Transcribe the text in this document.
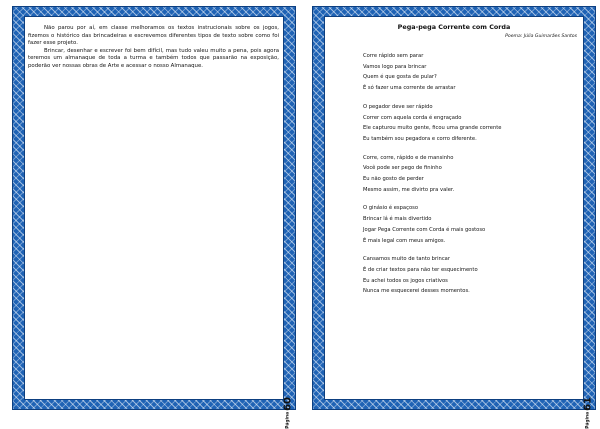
Não parou por aí, em classe melhoramos os textos instrucionais sobre os jogos, fizemos o histórico das brincadeiras e escrevemos diferentes tipos de texto sobre como foi fazer esse projeto.

Brincar, desenhar e escrever foi bem difícil, mas tudo valeu muito a pena, pois agora teremos um almanaque de toda a turma e também todos que passarão na exposição, poderão ver nossas obras de Arte e acessar o nosso Almanaque.

Página
60
Pega-pega Corrente com Corda
Poema: Júlia Guimarães Santos
Corre rápido sem parar
Vamos logo para brincar
Quem é que gosta de pular?
É só fazer uma corrente de arrastar
O pegador deve ser rápido
Correr com aquela corda é engraçado
Ele capturou muito gente, ficou uma grande corrente
Eu também sou pegadora e corro diferente.
Corre, corre, rápido e de mansinho
Você pode ser pego de fininho
Eu não gosto de perder
Mesmo assim, me divirto pra valer.
O ginásio é espaçoso
Brincar lá é mais divertido
Jogar Pega Corrente com Corda é mais gostoso
É mais legal com meus amigos.
Cansamos muito de tanto brincar
É de criar textos para não ter esquecimento
Eu achei todos os jogos criativos
Nunca me esquecerei desses momentos.
Página
61
